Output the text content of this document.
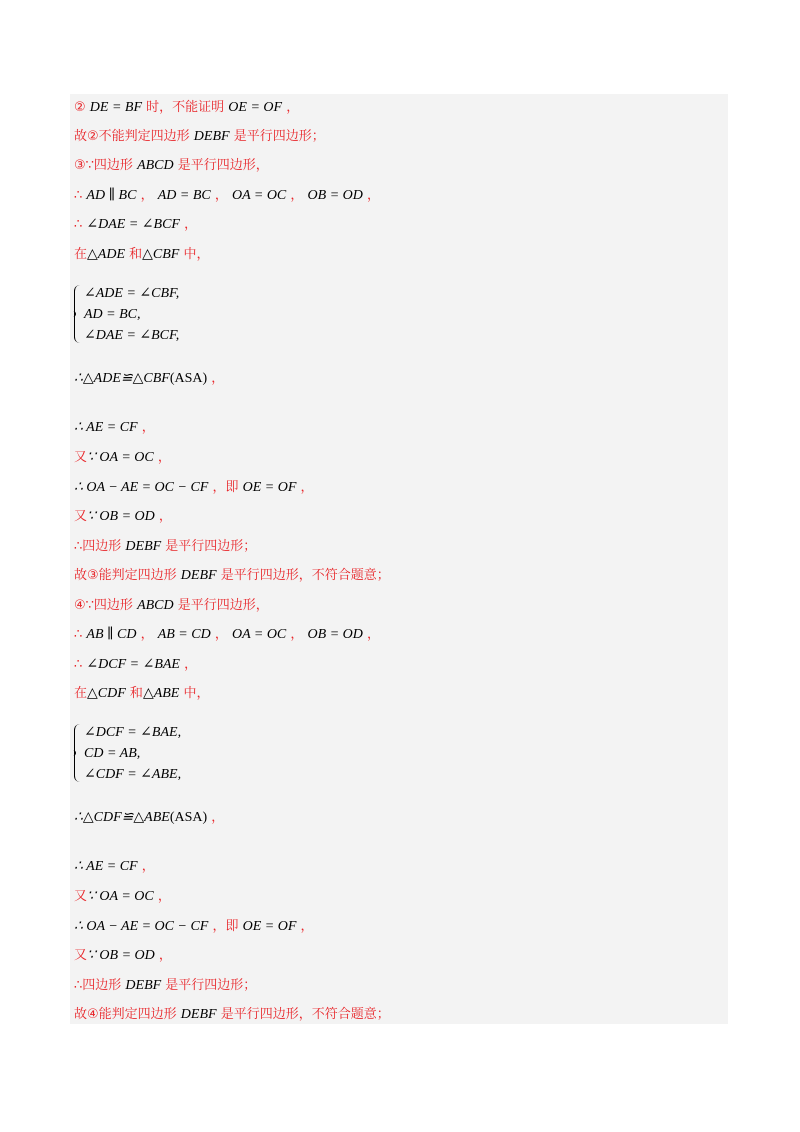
② DE = BF 时，不能证明 OE = OF ，
故②不能判定四边形 DEBF 是平行四边形；
③∵四边形 ABCD 是平行四边形，
∴ AD ∥ BC ， AD = BC ， OA = OC ， OB = OD ，
∴ ∠DAE = ∠BCF ，
在△ADE 和△CBF 中，
∴△ADE≌△CBF(ASA) ，
∴ AE = CF ，
又∵ OA = OC ，
∴ OA − AE = OC − CF ，即 OE = OF ，
又∵ OB = OD ，
∴四边形 DEBF 是平行四边形；
故③能判定四边形 DEBF 是平行四边形，不符合题意；
④∵四边形 ABCD 是平行四边形，
∴ AB ∥ CD ， AB = CD ， OA = OC ， OB = OD ，
∴ ∠DCF = ∠BAE ，
在△CDF 和△ABE 中，
∴△CDF≌△ABE(ASA) ，
∴ AE = CF ，
又∵ OA = OC ，
∴ OA − AE = OC − CF ，即 OE = OF ，
又∵ OB = OD ，
∴四边形 DEBF 是平行四边形；
故④能判定四边形 DEBF 是平行四边形，不符合题意；
∠ADE = ∠CBF,
AD = BC,
∠DAE = ∠BCF,
∠DCF = ∠BAE,
CD = AB,
∠CDF = ∠ABE,
